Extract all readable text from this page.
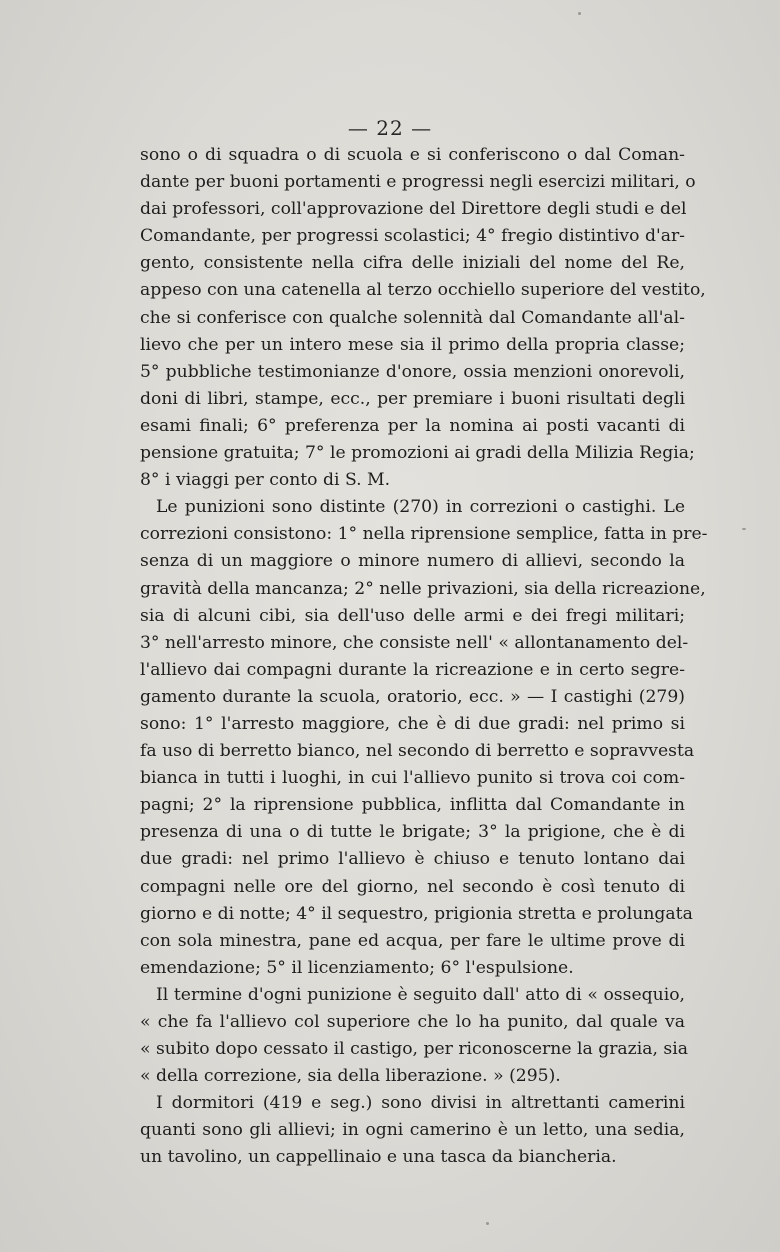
— 22 —
sono o di squadra o di scuola e si conferiscono o dal Coman-
dante per buoni portamenti e progressi negli esercizi militari, o
dai professori, coll'approvazione del Direttore degli studi e del
Comandante, per progressi scolastici; 4° fregio distintivo d'ar-
gento, consistente nella cifra delle iniziali del nome del Re,
appeso con una catenella al terzo occhiello superiore del vestito,
che si conferisce con qualche solennità dal Comandante all'al-
lievo che per un intero mese sia il primo della propria classe;
5° pubbliche testimonianze d'onore, ossia menzioni onorevoli,
doni di libri, stampe, ecc., per premiare i buoni risultati degli
esami finali; 6° preferenza per la nomina ai posti vacanti di
pensione gratuita; 7° le promozioni ai gradi della Milizia Regia;
8° i viaggi per conto di S. M.
Le punizioni sono distinte (270) in correzioni o castighi. Le
correzioni consistono: 1° nella riprensione semplice, fatta in pre-
senza di un maggiore o minore numero di allievi, secondo la
gravità della mancanza; 2° nelle privazioni, sia della ricreazione,
sia di alcuni cibi, sia dell'uso delle armi e dei fregi militari;
3° nell'arresto minore, che consiste nell' « allontanamento del-
l'allievo dai compagni durante la ricreazione e in certo segre-
gamento durante la scuola, oratorio, ecc. » — I castighi (279)
sono: 1° l'arresto maggiore, che è di due gradi: nel primo si
fa uso di berretto bianco, nel secondo di berretto e sopravvesta
bianca in tutti i luoghi, in cui l'allievo punito si trova coi com-
pagni; 2° la riprensione pubblica, inflitta dal Comandante in
presenza di una o di tutte le brigate; 3° la prigione, che è di
due gradi: nel primo l'allievo è chiuso e tenuto lontano dai
compagni nelle ore del giorno, nel secondo è così tenuto di
giorno e di notte; 4° il sequestro, prigionia stretta e prolungata
con sola minestra, pane ed acqua, per fare le ultime prove di
emendazione; 5° il licenziamento; 6° l'espulsione.
Il termine d'ogni punizione è seguito dall' atto di « ossequio,
« che fa l'allievo col superiore che lo ha punito, dal quale va
« subito dopo cessato il castigo, per riconoscerne la grazia, sia
« della correzione, sia della liberazione. » (295).
I dormitori (419 e seg.) sono divisi in altrettanti camerini
quanti sono gli allievi; in ogni camerino è un letto, una sedia,
un tavolino, un cappellinaio e una tasca da biancheria.
